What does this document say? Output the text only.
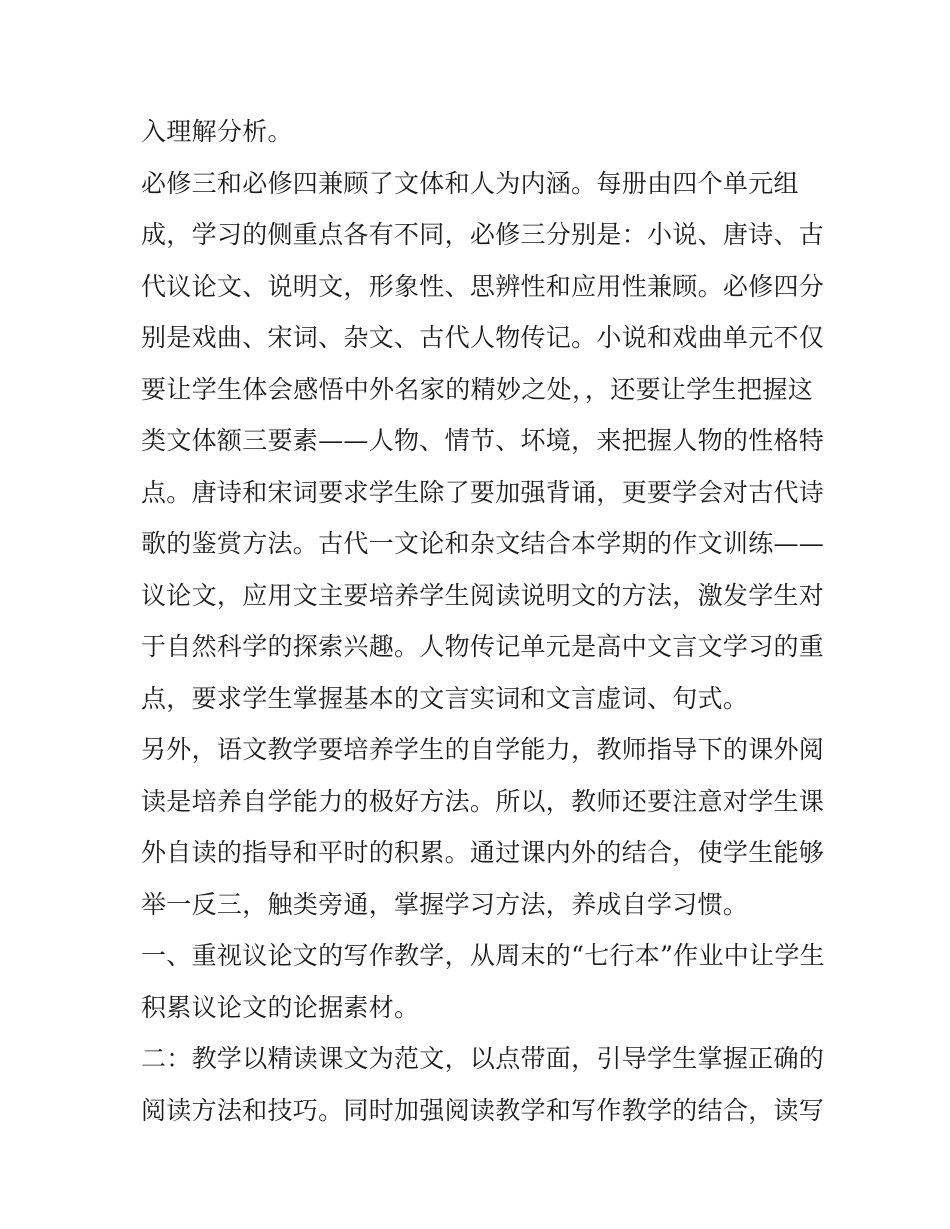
入理解分析。
必修三和必修四兼顾了文体和人为内涵。每册由四个单元组
成，学习的侧重点各有不同，必修三分别是：小说、唐诗、古
代议论文、说明文，形象性、思辨性和应用性兼顾。必修四分
别是戏曲、宋词、杂文、古代人物传记。小说和戏曲单元不仅
要让学生体会感悟中外名家的精妙之处，，还要让学生把握这
类文体额三要素——人物、情节、坏境，来把握人物的性格特
点。唐诗和宋词要求学生除了要加强背诵，更要学会对古代诗
歌的鉴赏方法。古代一文论和杂文结合本学期的作文训练——
议论文，应用文主要培养学生阅读说明文的方法，激发学生对
于自然科学的探索兴趣。人物传记单元是高中文言文学习的重
点，要求学生掌握基本的文言实词和文言虚词、句式。
另外，语文教学要培养学生的自学能力，教师指导下的课外阅
读是培养自学能力的极好方法。所以，教师还要注意对学生课
外自读的指导和平时的积累。通过课内外的结合，使学生能够
举一反三，触类旁通，掌握学习方法，养成自学习惯。
一、重视议论文的写作教学，从周末的“七行本”作业中让学生
积累议论文的论据素材。
二：教学以精读课文为范文，以点带面，引导学生掌握正确的
阅读方法和技巧。同时加强阅读教学和写作教学的结合，读写
